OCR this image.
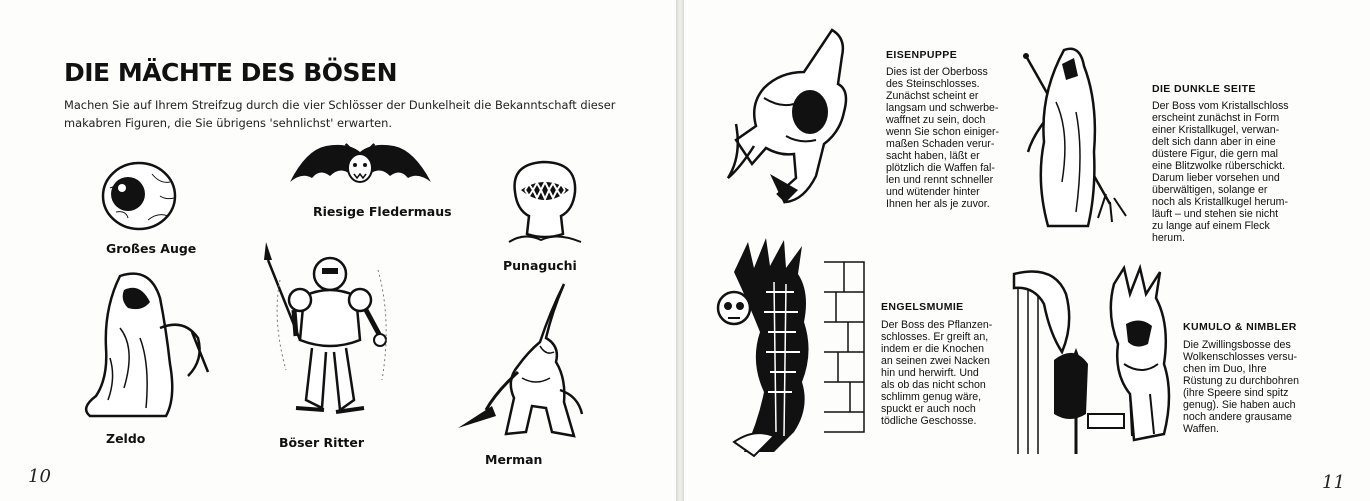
DIE MÄCHTE DES BÖSEN
Machen Sie auf Ihrem Streifzug durch die vier Schlösser der Dunkelheit die Bekanntschaft dieser makabren Figuren, die Sie übrigens 'sehnlichst' erwarten.
Großes Auge
Riesige Fledermaus
Punaguchi
Zeldo	Böser Ritter
Merman
10
EISENPUPPE
Dies ist der Oberboss
des Steinschlosses.
Zunächst scheint er
langsam und schwerbe-
waffnet zu sein, doch
wenn Sie schon einiger-
maßen Schaden verur-
sacht haben, läßt er
plötzlich die Waffen fal-
len und rennt schneller
und wütender hinter
Ihnen her als je zuvor.
DIE DUNKLE SEITE
Der Boss vom Kristallschloss
erscheint zunächst in Form
einer Kristallkugel, verwan-
delt sich dann aber in eine
düstere Figur, die gern mal
eine Blitzwolke rüberschickt.
Darum lieber vorsehen und
überwältigen, solange er
noch als Kristallkugel herum-
läuft – und stehen sie nicht
zu lange auf einem Fleck
herum.
ENGELSMUMIE
Der Boss des Pflanzen-
schlosses. Er greift an,
indem er die Knochen
an seinen zwei Nacken
hin und herwirft. Und
als ob das nicht schon
schlimm genug wäre,
spuckt er auch noch
tödliche Geschosse.
KUMULO & NIMBLER
Die Zwillingsbosse des
Wolkenschlosses versu-
chen im Duo, Ihre
Rüstung zu durchbohren
(ihre Speere sind spitz
genug). Sie haben auch
noch andere grausame
Waffen.
11
